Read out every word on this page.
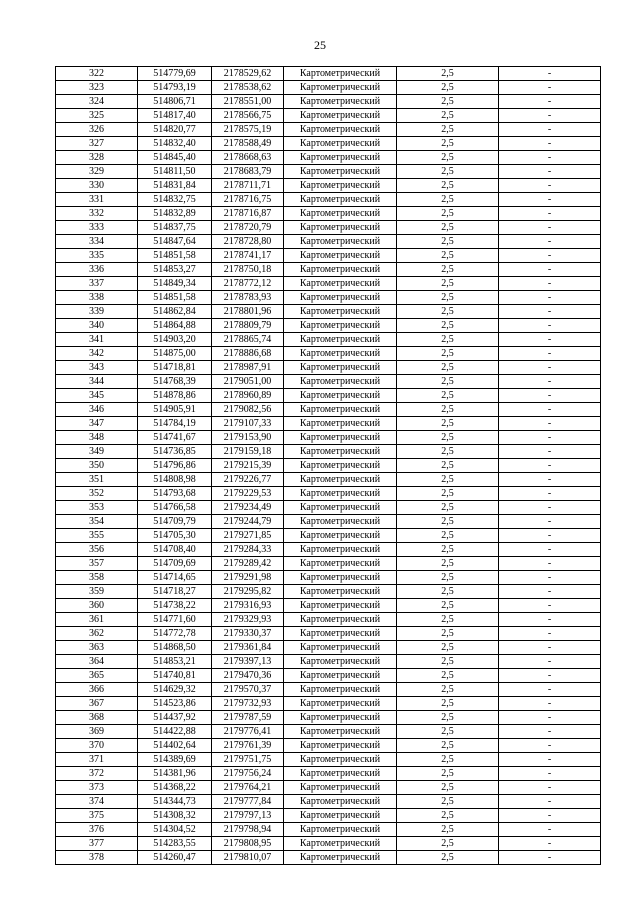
25
322	514779,69	2178529,62	Картометрический	2,5	-
323	514793,19	2178538,62	Картометрический	2,5	-
324	514806,71	2178551,00	Картометрический	2,5	-
325	514817,40	2178566,75	Картометрический	2,5	-
326	514820,77	2178575,19	Картометрический	2,5	-
327	514832,40	2178588,49	Картометрический	2,5	-
328	514845,40	2178668,63	Картометрический	2,5	-
329	514811,50	2178683,79	Картометрический	2,5	-
330	514831,84	2178711,71	Картометрический	2,5	-
331	514832,75	2178716,75	Картометрический	2,5	-
332	514832,89	2178716,87	Картометрический	2,5	-
333	514837,75	2178720,79	Картометрический	2,5	-
334	514847,64	2178728,80	Картометрический	2,5	-
335	514851,58	2178741,17	Картометрический	2,5	-
336	514853,27	2178750,18	Картометрический	2,5	-
337	514849,34	2178772,12	Картометрический	2,5	-
338	514851,58	2178783,93	Картометрический	2,5	-
339	514862,84	2178801,96	Картометрический	2,5	-
340	514864,88	2178809,79	Картометрический	2,5	-
341	514903,20	2178865,74	Картометрический	2,5	-
342	514875,00	2178886,68	Картометрический	2,5	-
343	514718,81	2178987,91	Картометрический	2,5	-
344	514768,39	2179051,00	Картометрический	2,5	-
345	514878,86	2178960,89	Картометрический	2,5	-
346	514905,91	2179082,56	Картометрический	2,5	-
347	514784,19	2179107,33	Картометрический	2,5	-
348	514741,67	2179153,90	Картометрический	2,5	-
349	514736,85	2179159,18	Картометрический	2,5	-
350	514796,86	2179215,39	Картометрический	2,5	-
351	514808,98	2179226,77	Картометрический	2,5	-
352	514793,68	2179229,53	Картометрический	2,5	-
353	514766,58	2179234,49	Картометрический	2,5	-
354	514709,79	2179244,79	Картометрический	2,5	-
355	514705,30	2179271,85	Картометрический	2,5	-
356	514708,40	2179284,33	Картометрический	2,5	-
357	514709,69	2179289,42	Картометрический	2,5	-
358	514714,65	2179291,98	Картометрический	2,5	-
359	514718,27	2179295,82	Картометрический	2,5	-
360	514738,22	2179316,93	Картометрический	2,5	-
361	514771,60	2179329,93	Картометрический	2,5	-
362	514772,78	2179330,37	Картометрический	2,5	-
363	514868,50	2179361,84	Картометрический	2,5	-
364	514853,21	2179397,13	Картометрический	2,5	-
365	514740,81	2179470,36	Картометрический	2,5	-
366	514629,32	2179570,37	Картометрический	2,5	-
367	514523,86	2179732,93	Картометрический	2,5	-
368	514437,92	2179787,59	Картометрический	2,5	-
369	514422,88	2179776,41	Картометрический	2,5	-
370	514402,64	2179761,39	Картометрический	2,5	-
371	514389,69	2179751,75	Картометрический	2,5	-
372	514381,96	2179756,24	Картометрический	2,5	-
373	514368,22	2179764,21	Картометрический	2,5	-
374	514344,73	2179777,84	Картометрический	2,5	-
375	514308,32	2179797,13	Картометрический	2,5	-
376	514304,52	2179798,94	Картометрический	2,5	-
377	514283,55	2179808,95	Картометрический	2,5	-
378	514260,47	2179810,07	Картометрический	2,5	-
